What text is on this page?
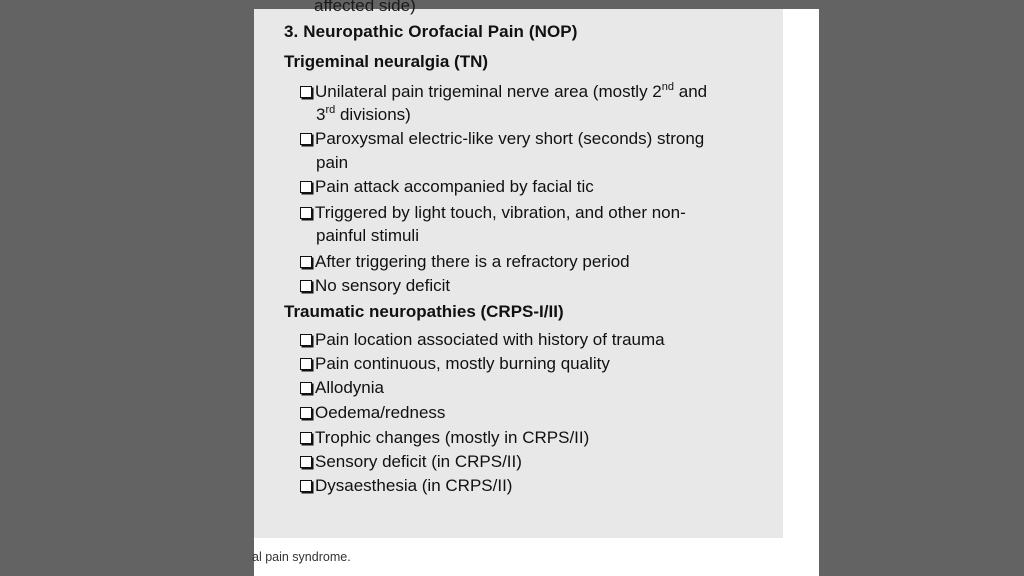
affected side)
3. Neuropathic Orofacial Pain (NOP)
Trigeminal neuralgia (TN)
Unilateral pain trigeminal nerve area (mostly 2nd and
3rd divisions)
Paroxysmal electric-like very short (seconds) strong
pain
Pain attack accompanied by facial tic
Triggered by light touch, vibration, and other non-
painful stimuli
After triggering there is a refractory period
No sensory deficit
Traumatic neuropathies (CRPS-I/II)
Pain location associated with history of trauma
Pain continuous, mostly burning quality
Allodynia
Oedema/redness
Trophic changes (mostly in CRPS/II)
Sensory deficit (in CRPS/II)
Dysaesthesia (in CRPS/II)
al pain syndrome.
